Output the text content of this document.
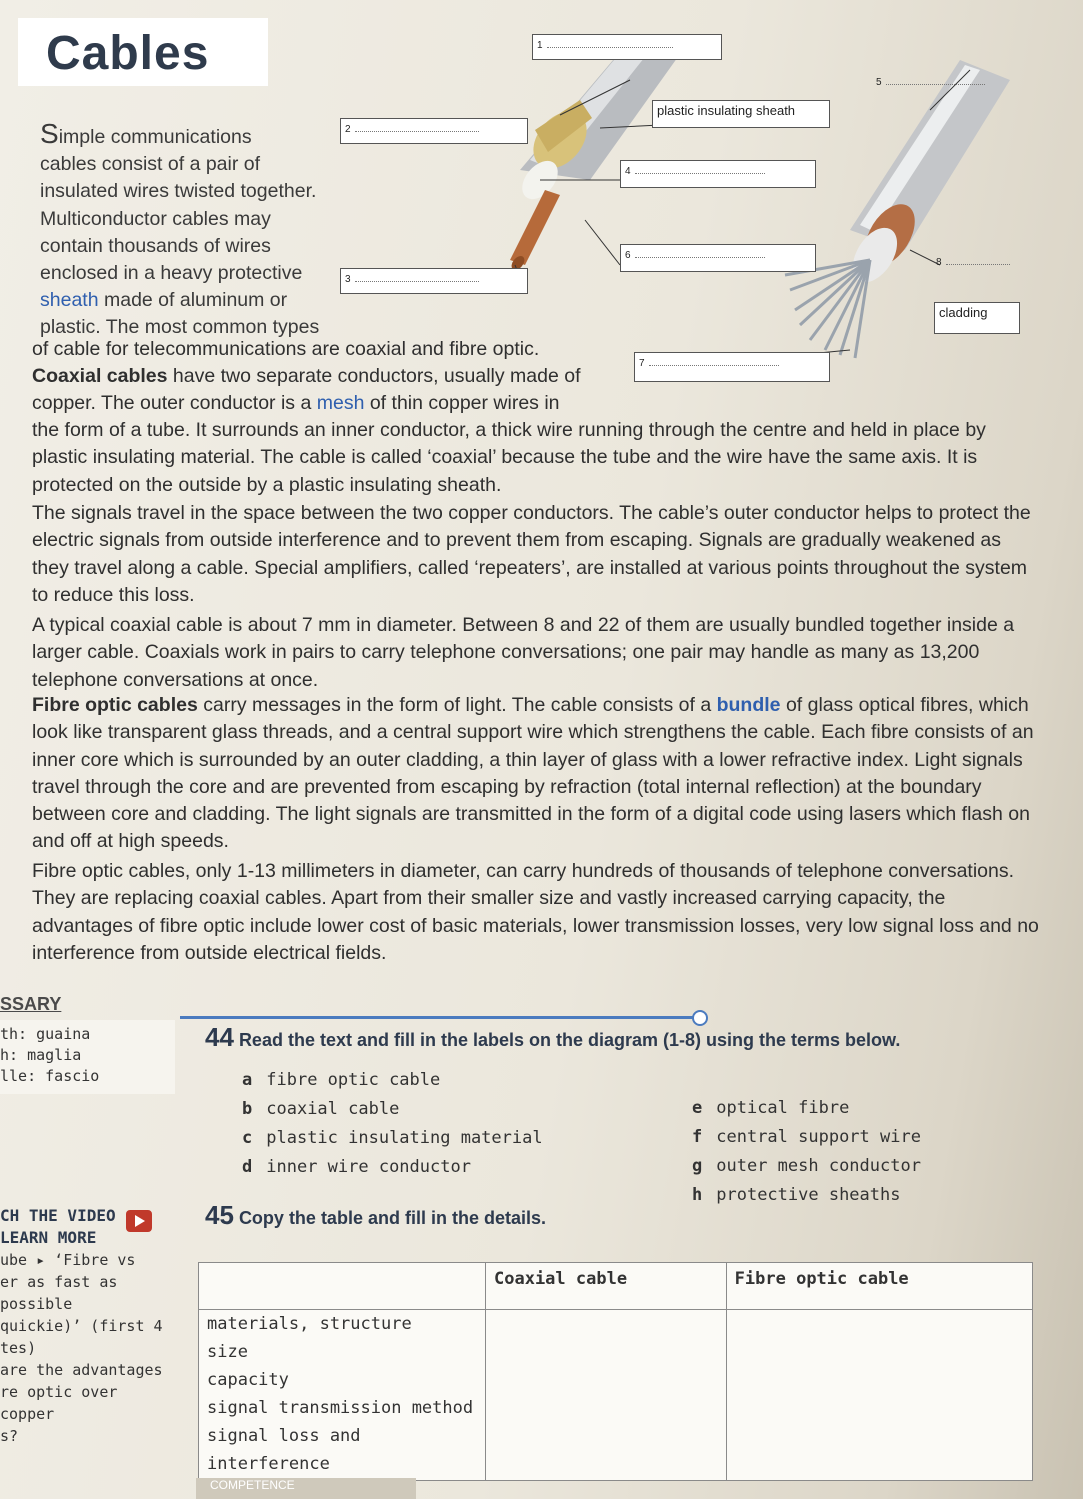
Cables
Simple communications
cables consist of a pair of
insulated wires twisted together.
Multiconductor cables may
contain thousands of wires
enclosed in a heavy protective
sheath made of aluminum or
plastic. The most common types
1
2
3
4
5
6
7
8
plastic insulating sheath
cladding
of cable for telecommunications are coaxial and fibre optic.
Coaxial cables have two separate conductors, usually made of
copper. The outer conductor is a mesh of thin copper wires in
the form of a tube. It surrounds an inner conductor, a thick wire running through the centre and held in place by plastic insulating material. The cable is called ‘coaxial’ because the tube and the wire have the same axis. It is protected on the outside by a plastic insulating sheath.
The signals travel in the space between the two copper conductors. The cable’s outer conductor helps to protect the electric signals from outside interference and to prevent them from escaping. Signals are gradually weakened as they travel along a cable. Special amplifiers, called ‘repeaters’, are installed at various points throughout the system to reduce this loss.
A typical coaxial cable is about 7 mm in diameter. Between 8 and 22 of them are usually bundled together inside a larger cable. Coaxials work in pairs to carry telephone conversations; one pair may handle as many as 13,200 telephone conversations at once.
Fibre optic cables carry messages in the form of light. The cable consists of a bundle of glass optical fibres, which look like transparent glass threads, and a central support wire which strengthens the cable. Each fibre consists of an inner core which is surrounded by an outer cladding, a thin layer of glass with a lower refractive index. Light signals travel through the core and are prevented from escaping by refraction (total internal reflection) at the boundary between core and cladding. The light signals are transmitted in the form of a digital code using lasers which flash on and off at high speeds.
Fibre optic cables, only 1-13 millimeters in diameter, can carry hundreds of thousands of telephone conversations. They are replacing coaxial cables. Apart from their smaller size and vastly increased carrying capacity, the advantages of fibre optic include lower cost of basic materials, lower transmission losses, very low signal loss and no interference from outside electrical fields.
SSARY
th: guaina
h: maglia
lle: fascio
44 Read the text and fill in the labels on the diagram (1-8) using the terms below.
a fibre optic cable
b coaxial cable
c plastic insulating material
d inner wire conductor
e optical fibre
f central support wire
g outer mesh conductor
h protective sheaths
CH THE VIDEO
LEARN MORE
ube ▸ ‘Fibre vs
er as fast as possible
quickie)’ (first 4
tes)
are the advantages
re optic over copper
s?
45 Copy the table and fill in the details.
	Coaxial cable	Fibre optic cable

materials, structure
size
capacity
signal transmission method
signal loss and interference		

COMPETENCE
